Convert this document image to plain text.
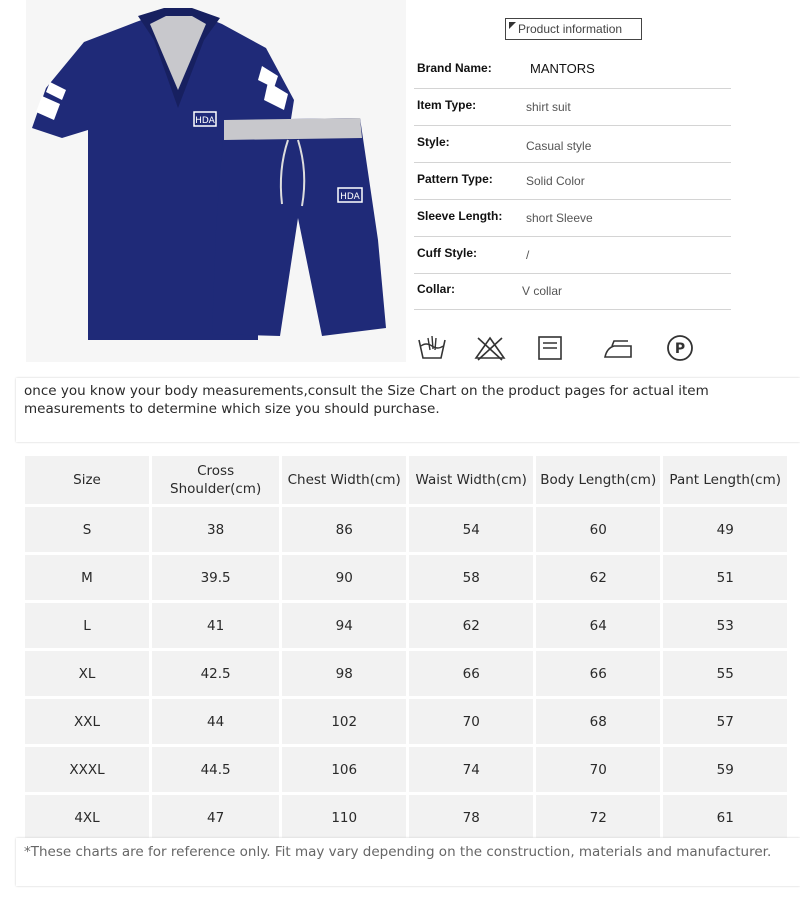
HDA
HDA
Product information
Brand Name:	MANTORS
Item Type:	shirt suit
Style:	Casual style
Pattern Type:	Solid Color
Sleeve Length: short Sleeve
Cuff Style:	/
Collar:	V collar
P
once you know your body measurements,consult the Size Chart on the product pages for actual item measurements to determine which size you should purchase.
Size	Cross Shoulder(cm)	Chest Width(cm)	Waist Width(cm)	Body Length(cm)	Pant Length(cm)
S	38	86	54	60	49
M	39.5	90	58	62	51
L	41	94	62	64	53
XL	42.5	98	66	66	55
XXL	44	102	70	68	57
XXXL	44.5	106	74	70	59
4XL	47	110	78	72	61
*These charts are for reference only. Fit may vary depending on the construction, materials and manufacturer.
